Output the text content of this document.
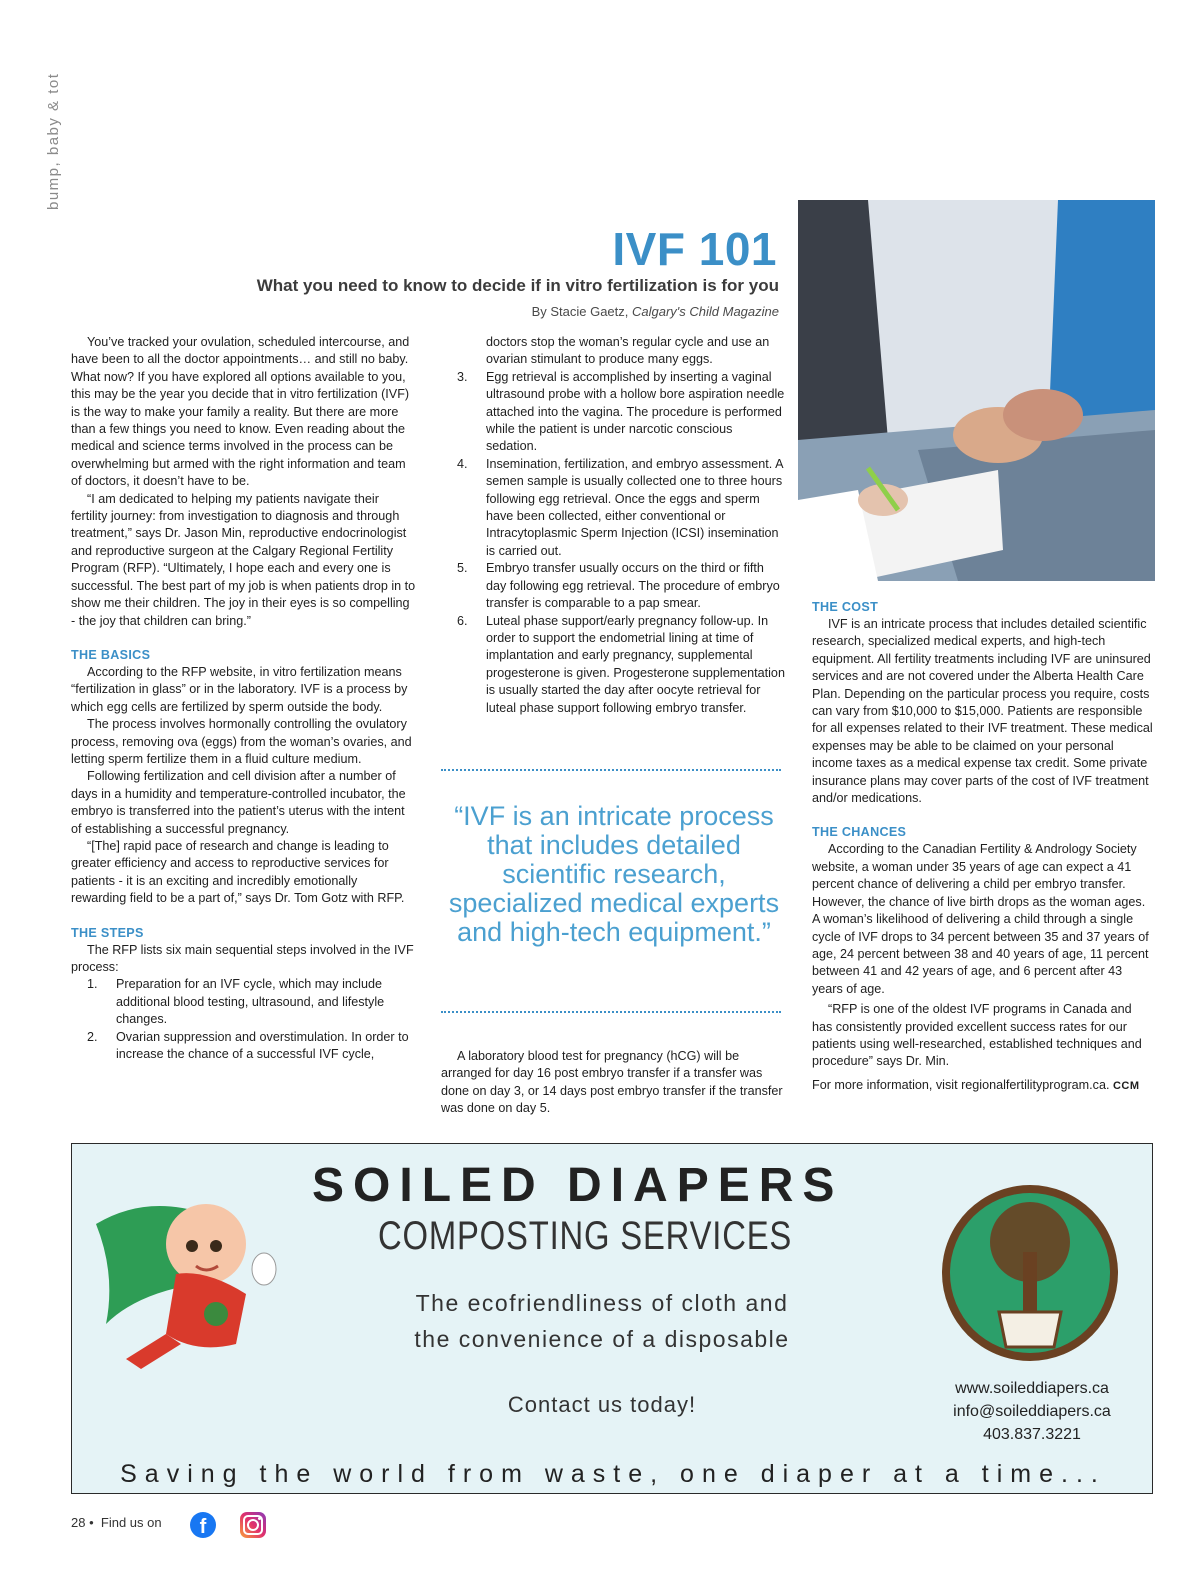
bump, baby & tot
IVF 101
What you need to know to decide if in vitro fertilization is for you
By Stacie Gaetz, Calgary's Child Magazine

You’ve tracked your ovulation, scheduled intercourse, and have been to all the doctor appointments… and still no baby. What now? If you have explored all options available to you, this may be the year you decide that in vitro fertilization (IVF) is the way to make your family a reality. But there are more than a few things you need to know. Even reading about the medical and science terms involved in the process can be overwhelming but armed with the right information and team of doctors, it doesn’t have to be.

“I am dedicated to helping my patients navigate their fertility journey: from investigation to diagnosis and through treatment,” says Dr. Jason Min, reproductive endocrinologist and reproductive surgeon at the Calgary Regional Fertility Program (RFP). “Ultimately, I hope each and every one is successful. The best part of my job is when patients drop in to show me their children. The joy in their eyes is so compelling - the joy that children can bring.”

THE BASICS

According to the RFP website, in vitro fertilization means “fertilization in glass” or in the laboratory. IVF is a process by which egg cells are fertilized by sperm outside the body.

The process involves hormonally controlling the ovulatory process, removing ova (eggs) from the woman’s ovaries, and letting sperm fertilize them in a fluid culture medium.

Following fertilization and cell division after a number of days in a humidity and temperature-controlled incubator, the embryo is transferred into the patient’s uterus with the intent of establishing a successful pregnancy.

“[The] rapid pace of research and change is leading to greater efficiency and access to reproductive services for patients - it is an exciting and incredibly emotionally rewarding field to be a part of,” says Dr. Tom Gotz with RFP.

THE STEPS

The RFP lists six main sequential steps involved in the IVF process:

1. Preparation for an IVF cycle, which may include additional blood testing, ultrasound, and lifestyle changes.
2. Ovarian suppression and overstimulation. In order to increase the chance of a successful IVF cycle,
doctors stop the woman’s regular cycle and use an ovarian stimulant to produce many eggs.
3. Egg retrieval is accomplished by inserting a vaginal ultrasound probe with a hollow bore aspiration needle attached into the vagina. The procedure is performed while the patient is under narcotic conscious sedation.
4. Insemination, fertilization, and embryo assessment. A semen sample is usually collected one to three hours following egg retrieval. Once the eggs and sperm have been collected, either conventional or Intracytoplasmic Sperm Injection (ICSI) insemination is carried out.
5. Embryo transfer usually occurs on the third or fifth day following egg retrieval. The procedure of embryo transfer is comparable to a pap smear.
6. Luteal phase support/early pregnancy follow-up. In order to support the endometrial lining at time of implantation and early pregnancy, supplemental progesterone is given. Progesterone supplementation is usually started the day after oocyte retrieval for luteal phase support following embryo transfer.
“IVF is an intricate process that includes detailed scientific research, specialized medical experts and high-tech equipment.”

A laboratory blood test for pregnancy (hCG) will be arranged for day 16 post embryo transfer if a transfer was done on day 3, or 14 days post embryo transfer if the transfer was done on day 5.

THE COST

IVF is an intricate process that includes detailed scientific research, specialized medical experts, and high-tech equipment. All fertility treatments including IVF are uninsured services and are not covered under the Alberta Health Care Plan. Depending on the particular process you require, costs can vary from $10,000 to $15,000. Patients are responsible for all expenses related to their IVF treatment. These medical expenses may be able to be claimed on your personal income taxes as a medical expense tax credit. Some private insurance plans may cover parts of the cost of IVF treatment and/or medications.

THE CHANCES

According to the Canadian Fertility & Andrology Society website, a woman under 35 years of age can expect a 41 percent chance of delivering a child per embryo transfer. However, the chance of live birth drops as the woman ages. A woman’s likelihood of delivering a child through a single cycle of IVF drops to 34 percent between 35 and 37 years of age, 24 percent between 38 and 40 years of age, 11 percent between 41 and 42 years of age, and 6 percent after 43 years of age.

“RFP is one of the oldest IVF programs in Canada and has consistently provided excellent success rates for our patients using well-researched, established techniques and procedure” says Dr. Min.

For more information, visit regionalfertilityprogram.ca. CCM

SOILED DIAPERS
COMPOSTING SERVICES
The ecofriendliness of cloth and
the convenience of a disposable
Contact us today!
www.soileddiapers.ca
info@soileddiapers.ca
403.837.3221
Saving the world from waste, one diaper at a time...
28
•
Find us on	f
